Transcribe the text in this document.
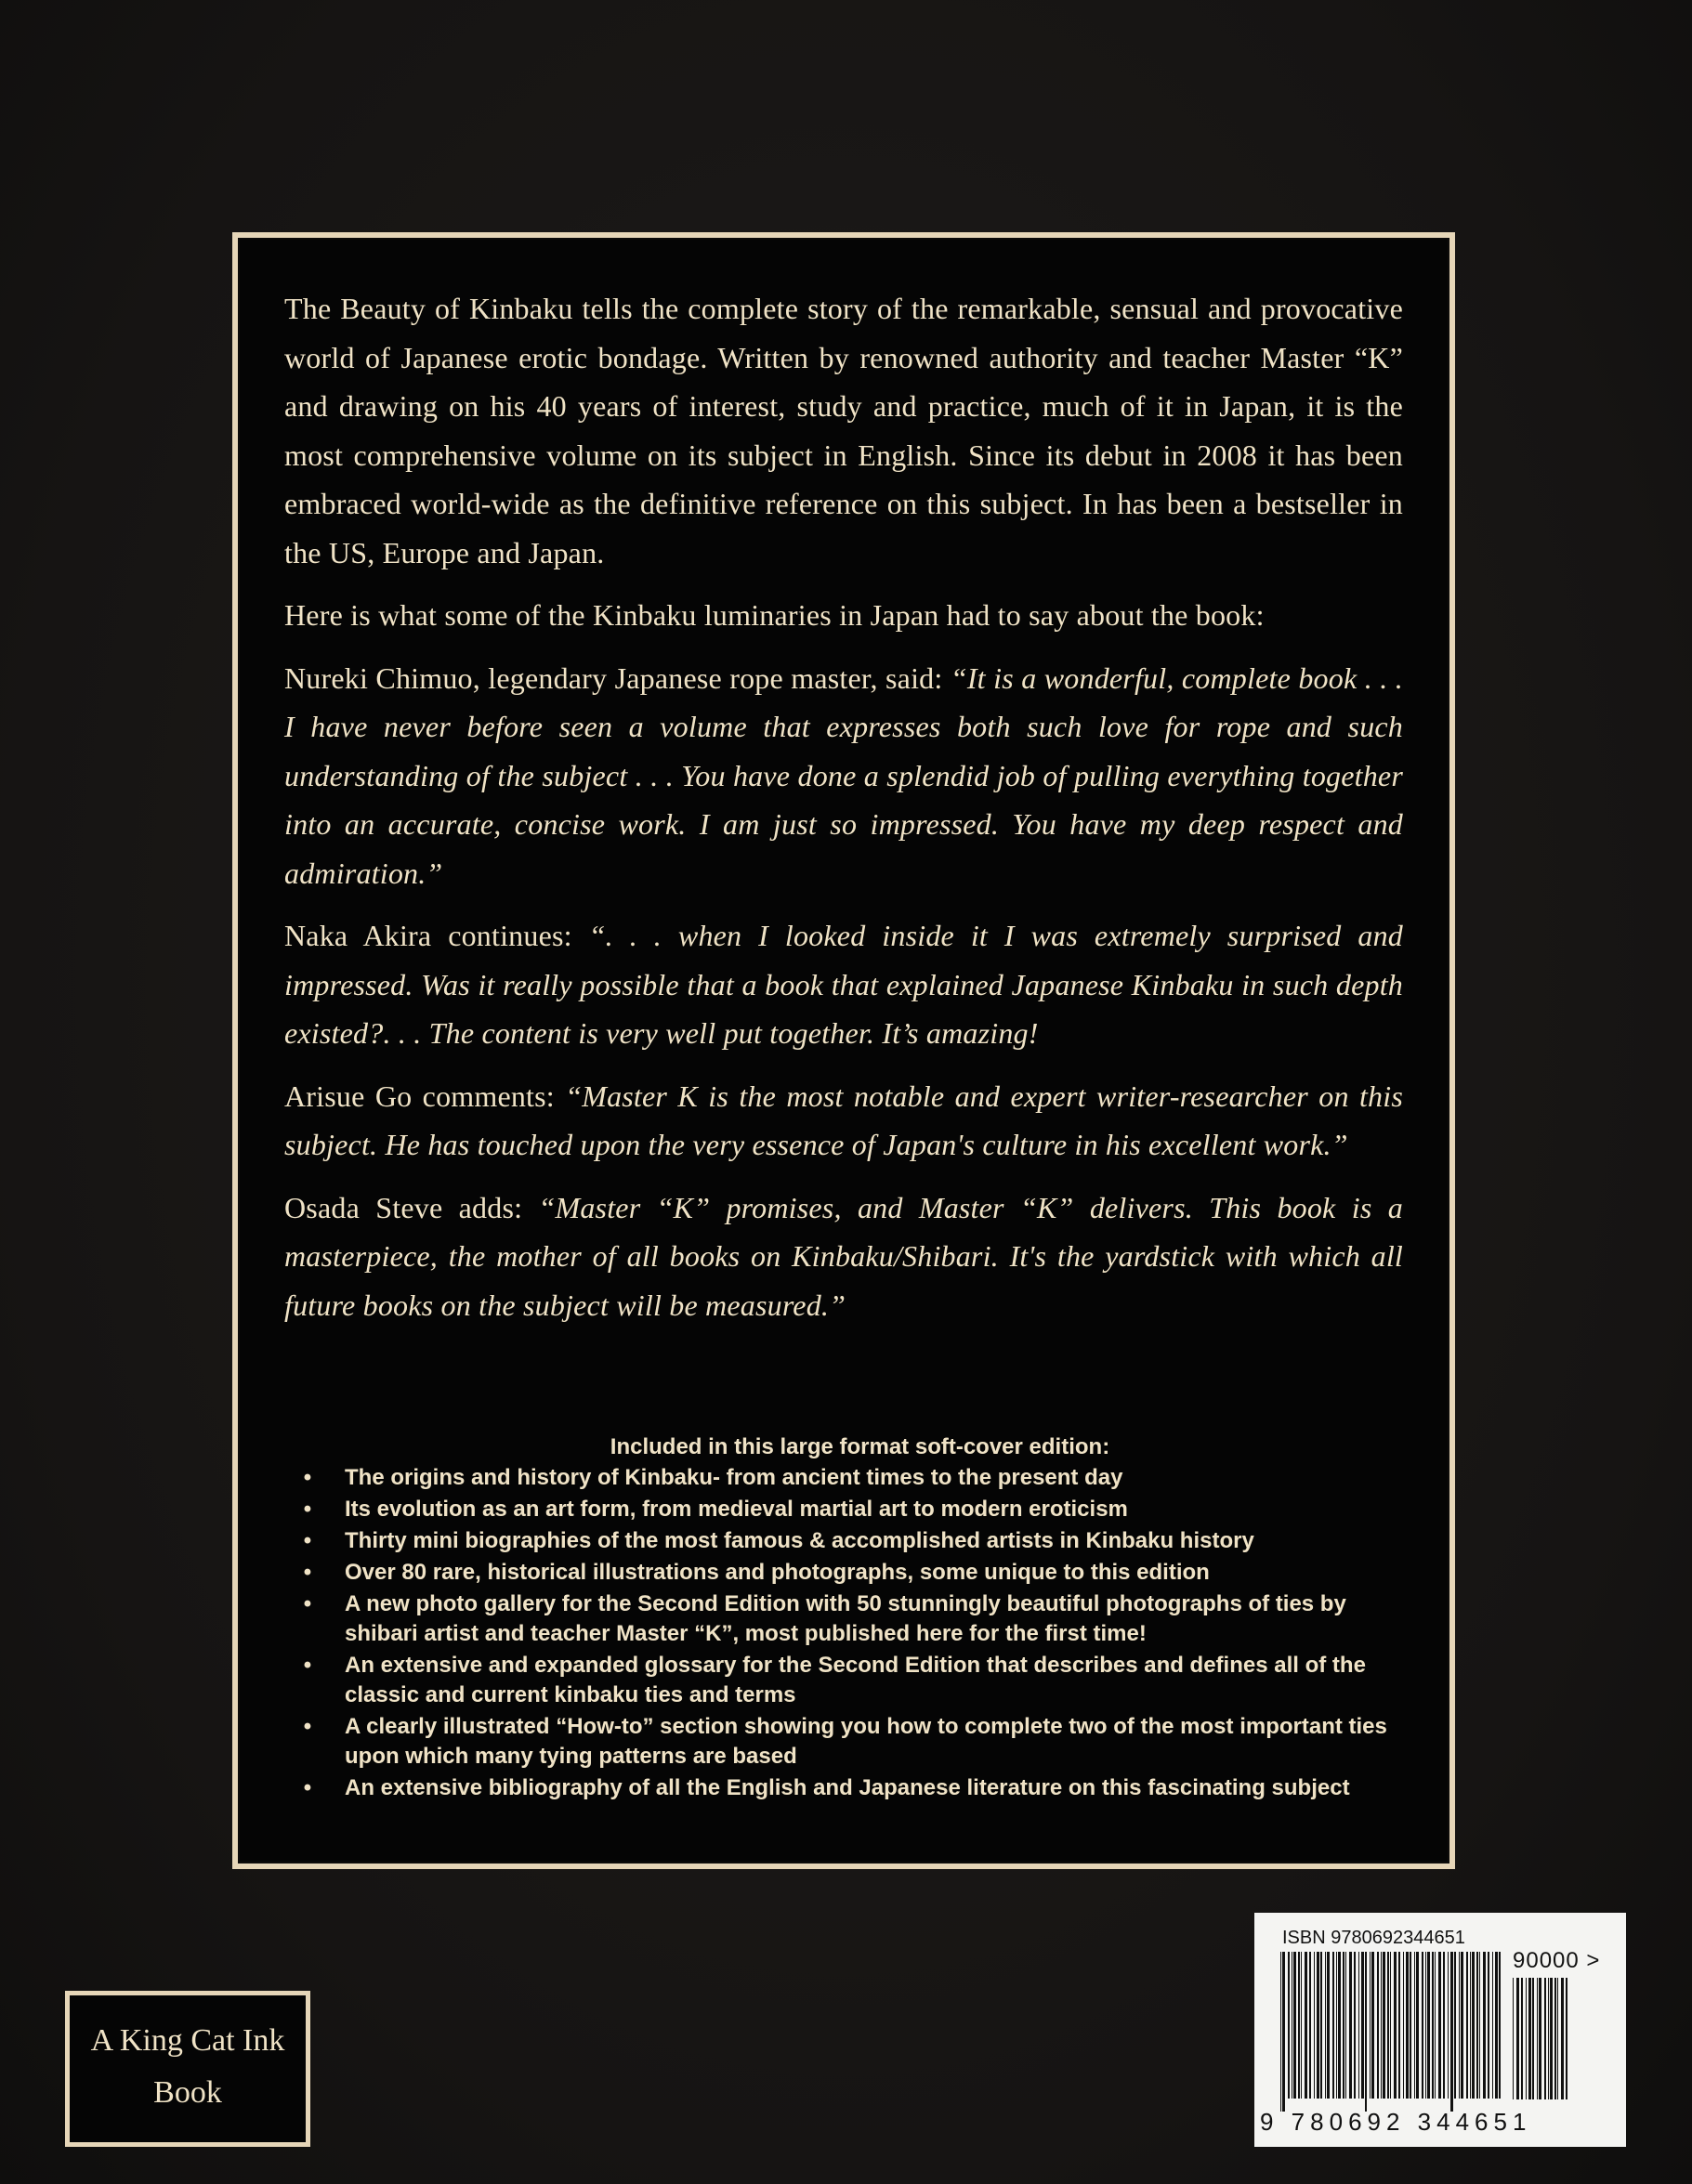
The Beauty of Kinbaku tells the complete story of the remarkable, sensual and provocative world of Japanese erotic bondage. Written by renowned authority and teacher Master “K” and drawing on his 40 years of interest, study and practice, much of it in Japan, it is the most comprehensive volume on its subject in English. Since its debut in 2008 it has been embraced world-wide as the definitive reference on this subject. In has been a bestseller in the US, Europe and Japan.

Here is what some of the Kinbaku luminaries in Japan had to say about the book:

Nureki Chimuo, legendary Japanese rope master, said: “It is a wonderful, complete book . . . I have never before seen a volume that expresses both such love for rope and such understanding of the subject . . . You have done a splendid job of pulling everything together into an accurate, concise work. I am just so impressed. You have my deep respect and admiration.”

Naka Akira continues: “. . . when I looked inside it I was extremely surprised and impressed. Was it really possible that a book that explained Japanese Kinbaku in such depth existed?. . . The content is very well put together. It’s amazing!

Arisue Go comments: “Master K is the most notable and expert writer-researcher on this subject. He has touched upon the very essence of Japan's culture in his excellent work.”

Osada Steve adds: “Master “K” promises, and Master “K” delivers. This book is a masterpiece, the mother of all books on Kinbaku/Shibari. It's the yardstick with which all future books on the subject will be measured.”

Included in this large format soft-cover edition:
• The origins and history of Kinbaku- from ancient times to the present day
• Its evolution as an art form, from medieval martial art to modern eroticism
• Thirty mini biographies of the most famous & accomplished artists in Kinbaku history
• Over 80 rare, historical illustrations and photographs, some unique to this edition
• A new photo gallery for the Second Edition with 50 stunningly beautiful photographs of ties by shibari artist and teacher Master “K”, most published here for the first time!
• An extensive and expanded glossary for the Second Edition that describes and defines all of the classic and current kinbaku ties and terms
• A clearly illustrated “How-to” section showing you how to complete two of the most important ties upon which many tying patterns are based
• An extensive bibliography of all the English and Japanese literature on this fascinating subject
A King Cat Ink
Book
ISBN 9780692344651
90000 >
9 780692 344651
